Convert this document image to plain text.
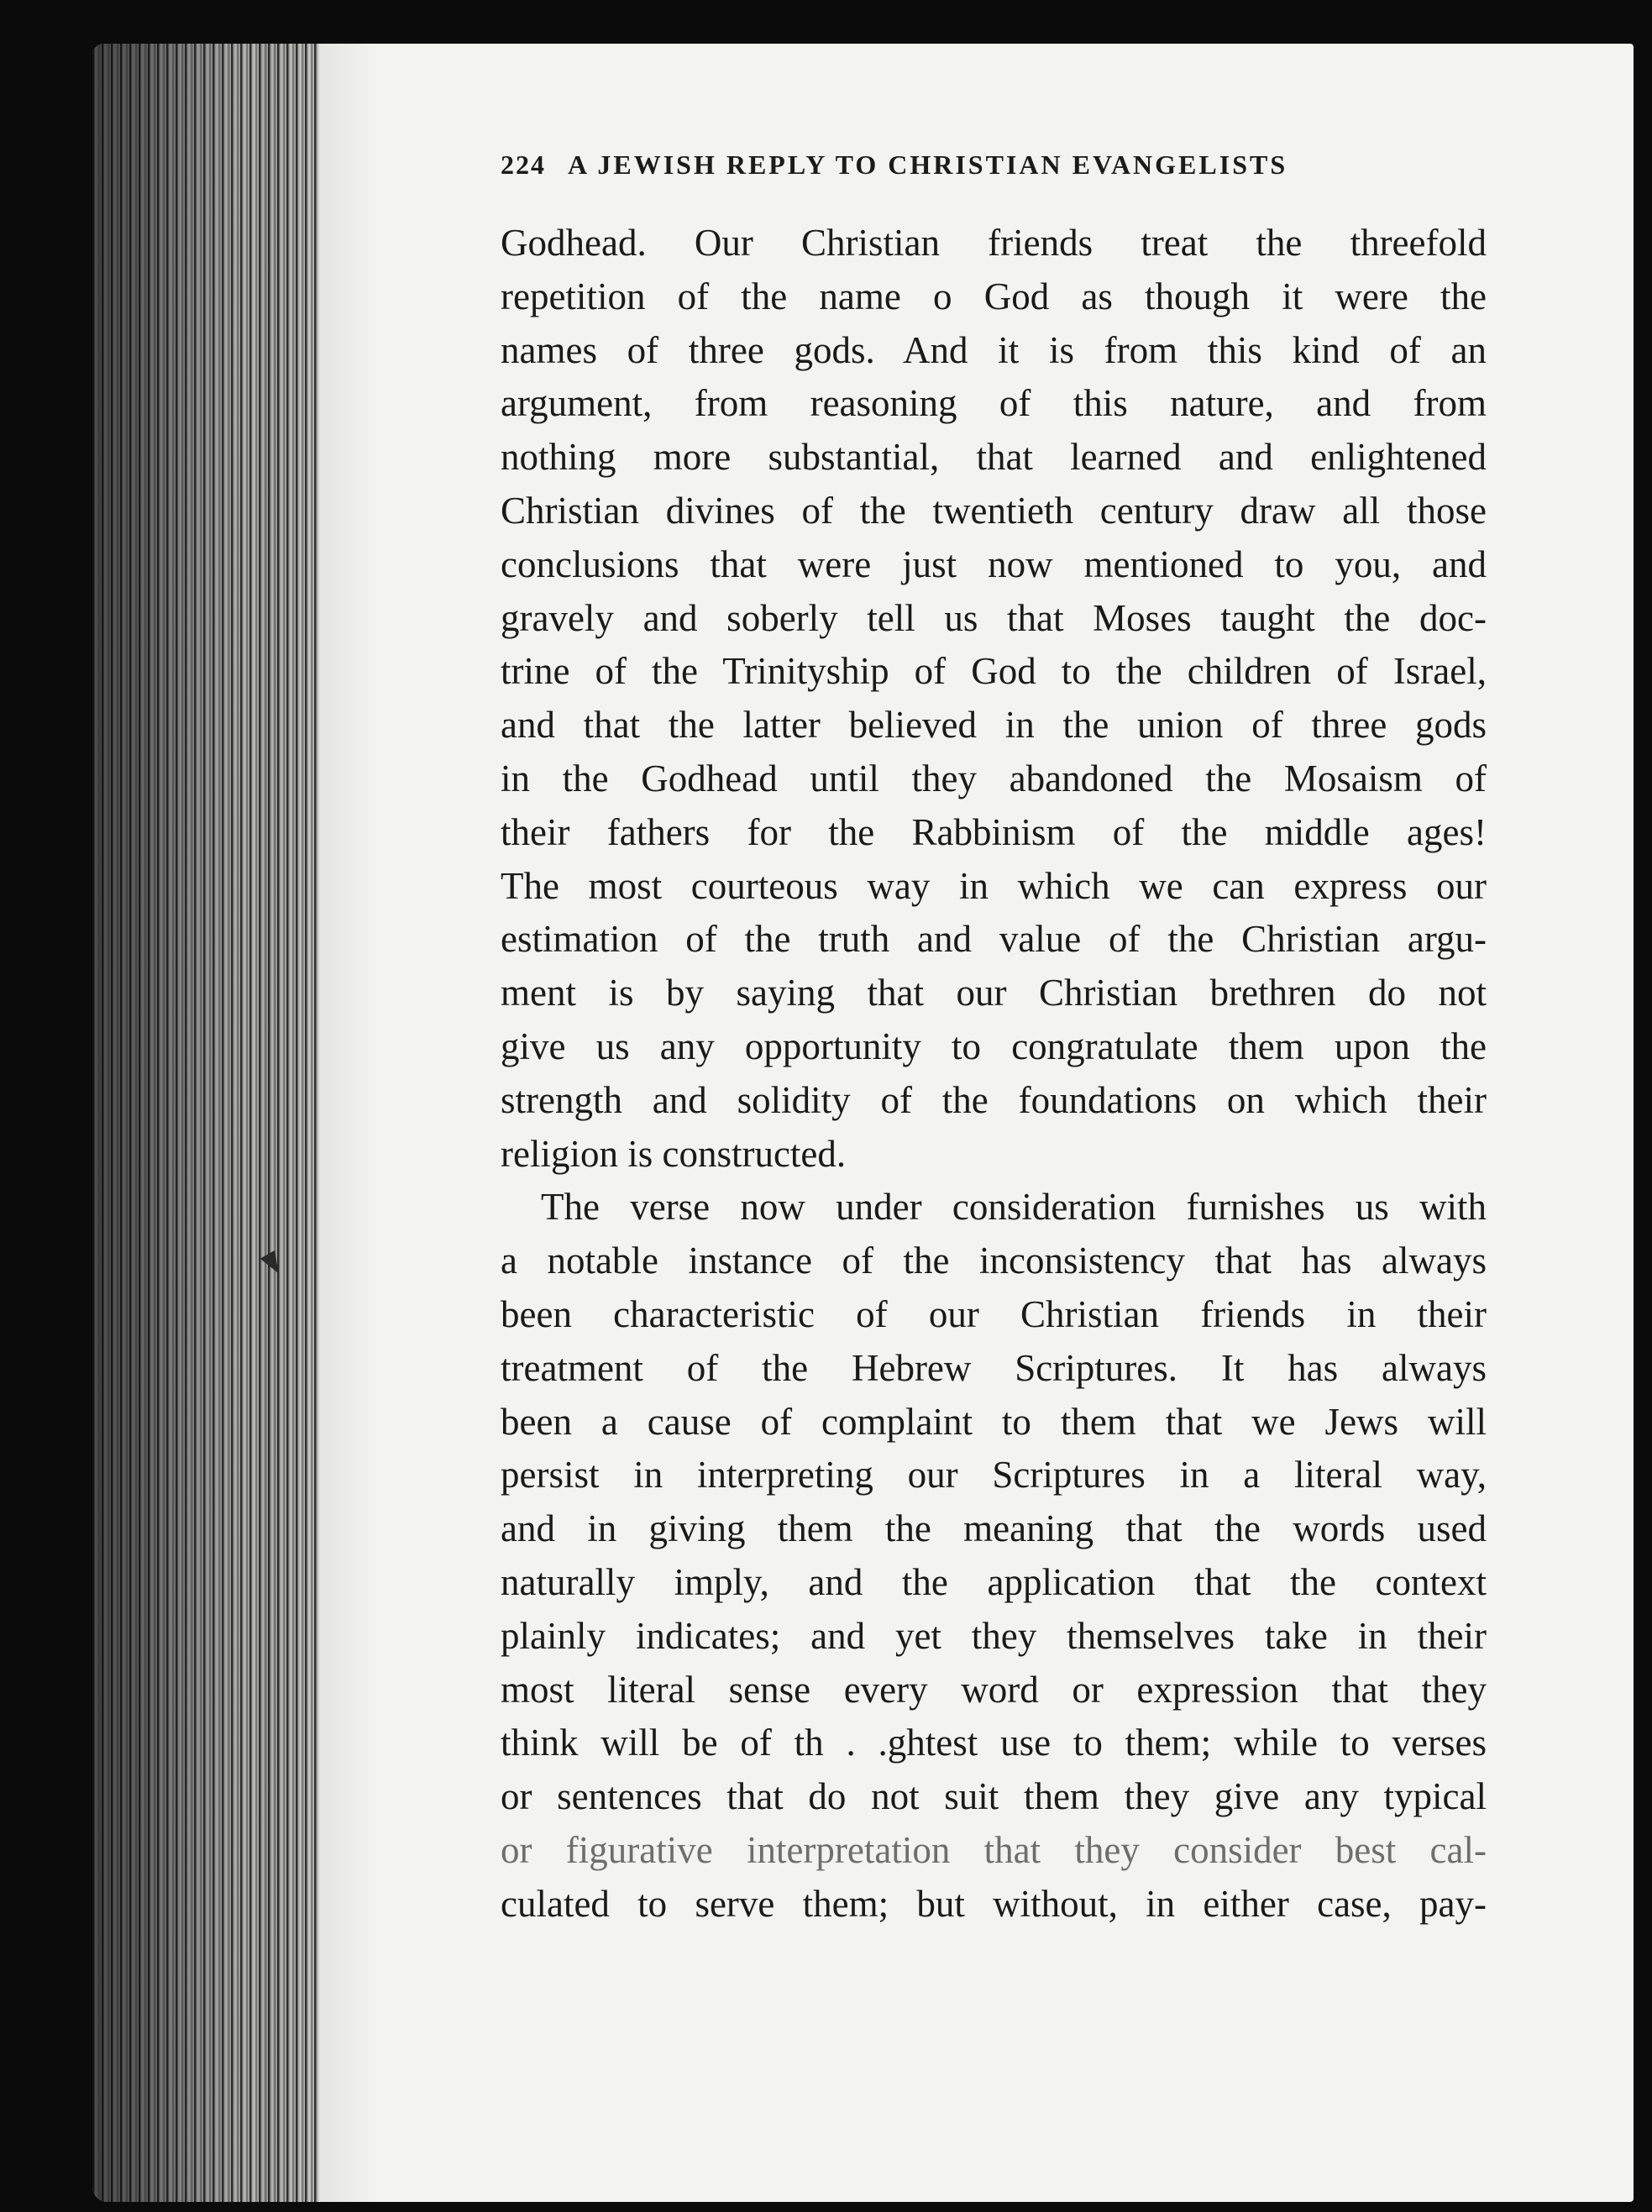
224 A JEWISH REPLY TO CHRISTIAN EVANGELISTS
Godhead. Our Christian friends treat the threefold
repetition of the name o God as though it were the
names of three gods. And it is from this kind of an
argument, from reasoning of this nature, and from
nothing more substantial, that learned and enlightened
Christian divines of the twentieth century draw all those
conclusions that were just now mentioned to you, and
gravely and soberly tell us that Moses taught the doc-
trine of the Trinityship of God to the children of Israel,
and that the latter believed in the union of three gods
in the Godhead until they abandoned the Mosaism of
their fathers for the Rabbinism of the middle ages!
The most courteous way in which we can express our
estimation of the truth and value of the Christian argu-
ment is by saying that our Christian brethren do not
give us any opportunity to congratulate them upon the
strength and solidity of the foundations on which their
religion is constructed.
The verse now under consideration furnishes us with
a notable instance of the inconsistency that has always
been characteristic of our Christian friends in their
treatment of the Hebrew Scriptures. It has always
been a cause of complaint to them that we Jews will
persist in interpreting our Scriptures in a literal way,
and in giving them the meaning that the words used
naturally imply, and the application that the context
plainly indicates; and yet they themselves take in their
most literal sense every word or expression that they
think will be of th . .ghtest use to them; while to verses
or sentences that do not suit them they give any typical
or figurative interpretation that they consider best cal-
culated to serve them; but without, in either case, pay-
